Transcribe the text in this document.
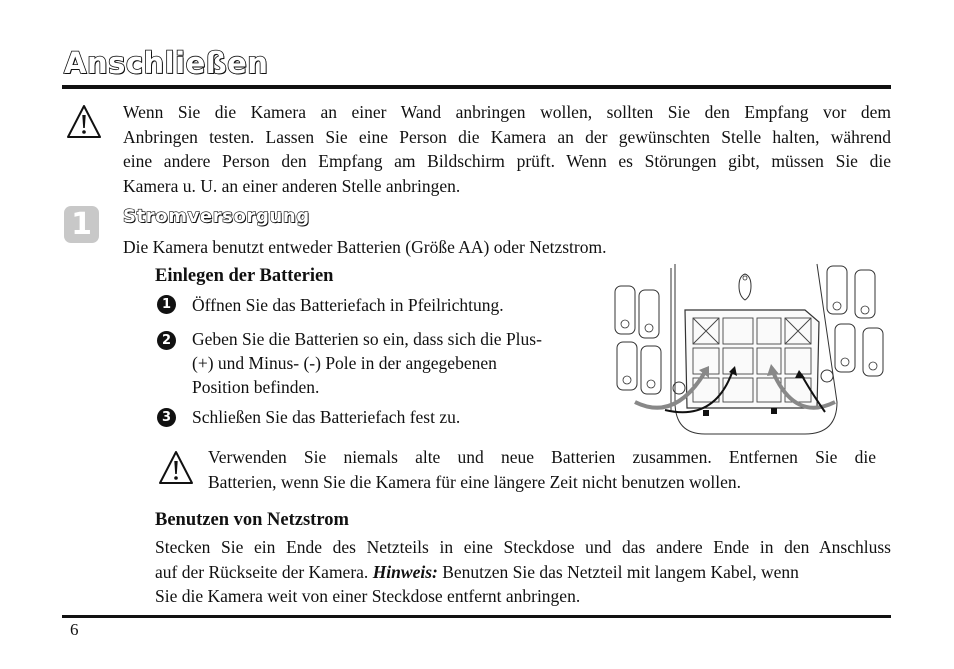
Anschließen
Wenn Sie die Kamera an einer Wand anbringen wollen, sollten Sie den Empfang vor dem
Anbringen testen. Lassen Sie eine Person die Kamera an der gewünschten Stelle halten, während
eine andere Person den Empfang am Bildschirm prüft. Wenn es Störungen gibt, müssen Sie die
Kamera u. U. an einer anderen Stelle anbringen.
1	Stromversorgung
Die Kamera benutzt entweder Batterien (Größe AA) oder Netzstrom.
Einlegen der Batterien
1 Öffnen Sie das Batteriefach in Pfeilrichtung.
2 Geben Sie die Batterien so ein, dass sich die Plus-
(+) und Minus- (-) Pole in der angegebenen
Position befinden.
3 Schließen Sie das Batteriefach fest zu.
Verwenden Sie niemals alte und neue Batterien zusammen. Entfernen Sie die
Batterien, wenn Sie die Kamera für eine längere Zeit nicht benutzen wollen.
Benutzen von Netzstrom
Stecken Sie ein Ende des Netzteils in eine Steckdose und das andere Ende in den Anschluss
auf der Rückseite der Kamera. Hinweis: Benutzen Sie das Netzteil mit langem Kabel, wenn
Sie die Kamera weit von einer Steckdose entfernt anbringen.
6
